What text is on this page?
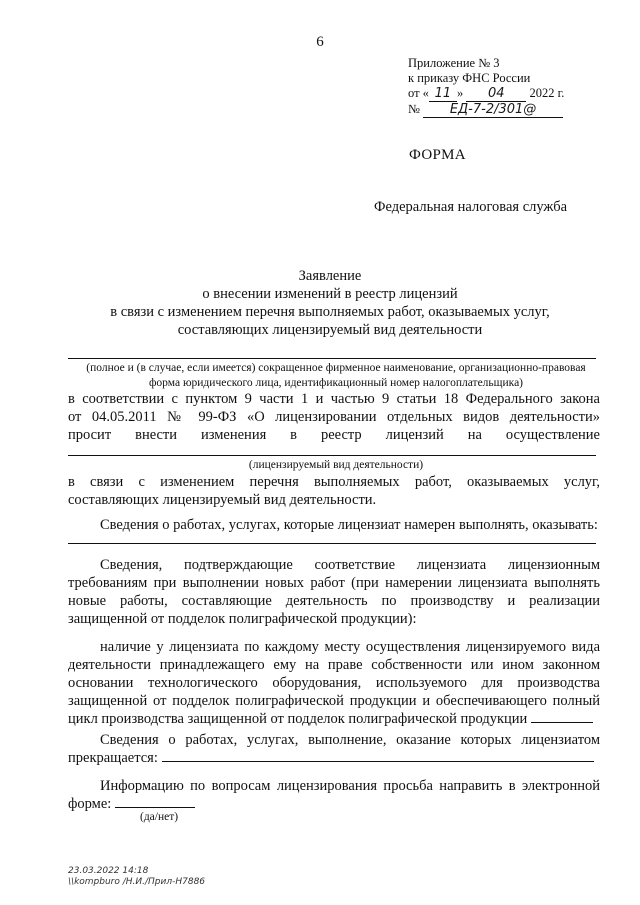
6
Приложение № 3
к приказу ФНС России
от « 11 » 04 2022 г.
№ ЕД-7-2/301@
ФОРМА
Федеральная налоговая служба
Заявление
о внесении изменений в реестр лицензий
в связи с изменением перечня выполняемых работ, оказываемых услуг,
составляющих лицензируемый вид деятельности
(полное и (в случае, если имеется) сокращенное фирменное наименование, организационно-правовая
форма юридического лица, идентификационный номер налогоплательщика)
в соответствии с пунктом 9 части 1 и частью 9 статьи 18 Федерального закона
от 04.05.2011 № 99-ФЗ «О лицензировании отдельных видов деятельности»
просит внести изменения в реестр лицензий на осуществление
(лицензируемый вид деятельности)
в связи с изменением перечня выполняемых работ, оказываемых услуг,
составляющих лицензируемый вид деятельности.
Сведения о работах, услугах, которые лицензиат намерен выполнять, оказывать:
Сведения, подтверждающие соответствие лицензиата лицензионным
требованиям при выполнении новых работ (при намерении лицензиата выполнять
новые работы, составляющие деятельность по производству и реализации
защищенной от подделок полиграфической продукции):
наличие у лицензиата по каждому месту осуществления лицензируемого вида
деятельности принадлежащего ему на праве собственности или ином законном
основании технологического оборудования, используемого для производства
защищенной от подделок полиграфической продукции и обеспечивающего полный
цикл производства защищенной от подделок полиграфической продукции
Сведения о работах, услугах, выполнение, оказание которых лицензиатом
прекращается:
Информацию по вопросам лицензирования просьба направить в электронной
форме:
(да/нет)
23.03.2022 14:18
\\kompburo /Н.И./Прил-Н7886
